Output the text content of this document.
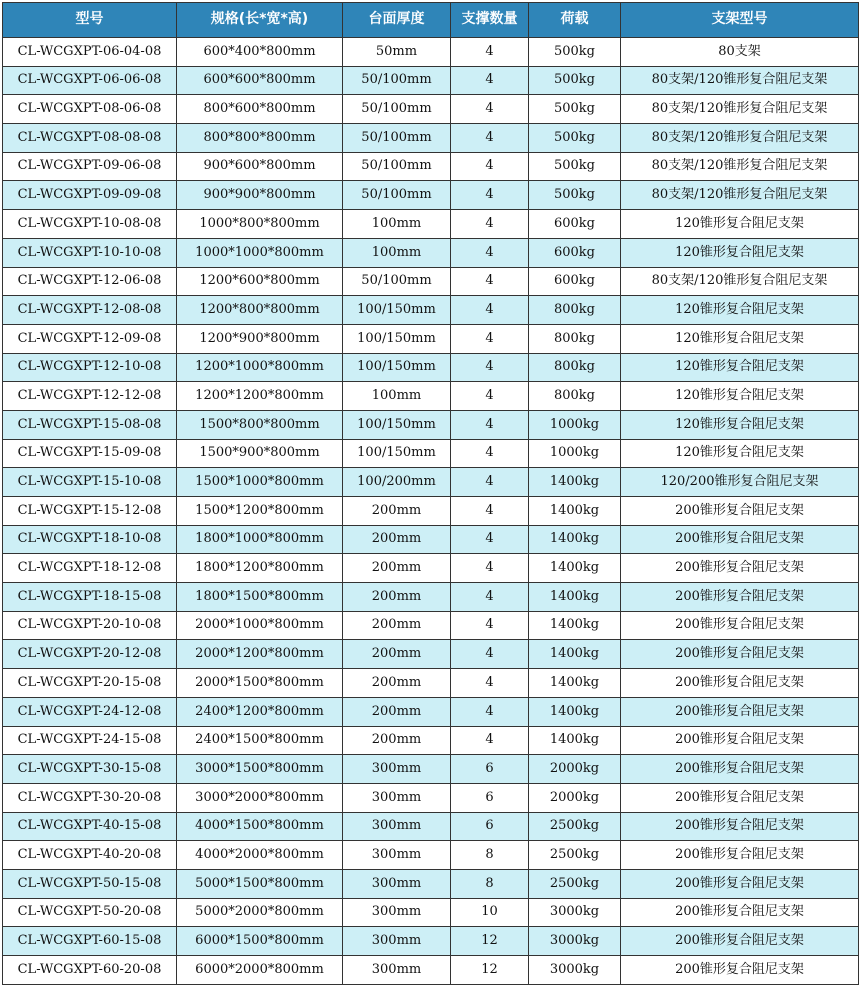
型号	规格(长*宽*高)	台面厚度	支撑数量	荷载	支架型号
CL-WCGXPT-06-04-08	600*400*800mm	50mm	4	500kg	80支架
CL-WCGXPT-06-06-08	600*600*800mm	50/100mm	4	500kg	80支架/120锥形复合阻尼支架
CL-WCGXPT-08-06-08	800*600*800mm	50/100mm	4	500kg	80支架/120锥形复合阻尼支架
CL-WCGXPT-08-08-08	800*800*800mm	50/100mm	4	500kg	80支架/120锥形复合阻尼支架
CL-WCGXPT-09-06-08	900*600*800mm	50/100mm	4	500kg	80支架/120锥形复合阻尼支架
CL-WCGXPT-09-09-08	900*900*800mm	50/100mm	4	500kg	80支架/120锥形复合阻尼支架
CL-WCGXPT-10-08-08	1000*800*800mm	100mm	4	600kg	120锥形复合阻尼支架
CL-WCGXPT-10-10-08	1000*1000*800mm	100mm	4	600kg	120锥形复合阻尼支架
CL-WCGXPT-12-06-08	1200*600*800mm	50/100mm	4	600kg	80支架/120锥形复合阻尼支架
CL-WCGXPT-12-08-08	1200*800*800mm	100/150mm	4	800kg	120锥形复合阻尼支架
CL-WCGXPT-12-09-08	1200*900*800mm	100/150mm	4	800kg	120锥形复合阻尼支架
CL-WCGXPT-12-10-08	1200*1000*800mm	100/150mm	4	800kg	120锥形复合阻尼支架
CL-WCGXPT-12-12-08	1200*1200*800mm	100mm	4	800kg	120锥形复合阻尼支架
CL-WCGXPT-15-08-08	1500*800*800mm	100/150mm	4	1000kg	120锥形复合阻尼支架
CL-WCGXPT-15-09-08	1500*900*800mm	100/150mm	4	1000kg	120锥形复合阻尼支架
CL-WCGXPT-15-10-08	1500*1000*800mm	100/200mm	4	1400kg	120/200锥形复合阻尼支架
CL-WCGXPT-15-12-08	1500*1200*800mm	200mm	4	1400kg	200锥形复合阻尼支架
CL-WCGXPT-18-10-08	1800*1000*800mm	200mm	4	1400kg	200锥形复合阻尼支架
CL-WCGXPT-18-12-08	1800*1200*800mm	200mm	4	1400kg	200锥形复合阻尼支架
CL-WCGXPT-18-15-08	1800*1500*800mm	200mm	4	1400kg	200锥形复合阻尼支架
CL-WCGXPT-20-10-08	2000*1000*800mm	200mm	4	1400kg	200锥形复合阻尼支架
CL-WCGXPT-20-12-08	2000*1200*800mm	200mm	4	1400kg	200锥形复合阻尼支架
CL-WCGXPT-20-15-08	2000*1500*800mm	200mm	4	1400kg	200锥形复合阻尼支架
CL-WCGXPT-24-12-08	2400*1200*800mm	200mm	4	1400kg	200锥形复合阻尼支架
CL-WCGXPT-24-15-08	2400*1500*800mm	200mm	4	1400kg	200锥形复合阻尼支架
CL-WCGXPT-30-15-08	3000*1500*800mm	300mm	6	2000kg	200锥形复合阻尼支架
CL-WCGXPT-30-20-08	3000*2000*800mm	300mm	6	2000kg	200锥形复合阻尼支架
CL-WCGXPT-40-15-08	4000*1500*800mm	300mm	6	2500kg	200锥形复合阻尼支架
CL-WCGXPT-40-20-08	4000*2000*800mm	300mm	8	2500kg	200锥形复合阻尼支架
CL-WCGXPT-50-15-08	5000*1500*800mm	300mm	8	2500kg	200锥形复合阻尼支架
CL-WCGXPT-50-20-08	5000*2000*800mm	300mm	10	3000kg	200锥形复合阻尼支架
CL-WCGXPT-60-15-08	6000*1500*800mm	300mm	12	3000kg	200锥形复合阻尼支架
CL-WCGXPT-60-20-08	6000*2000*800mm	300mm	12	3000kg	200锥形复合阻尼支架
